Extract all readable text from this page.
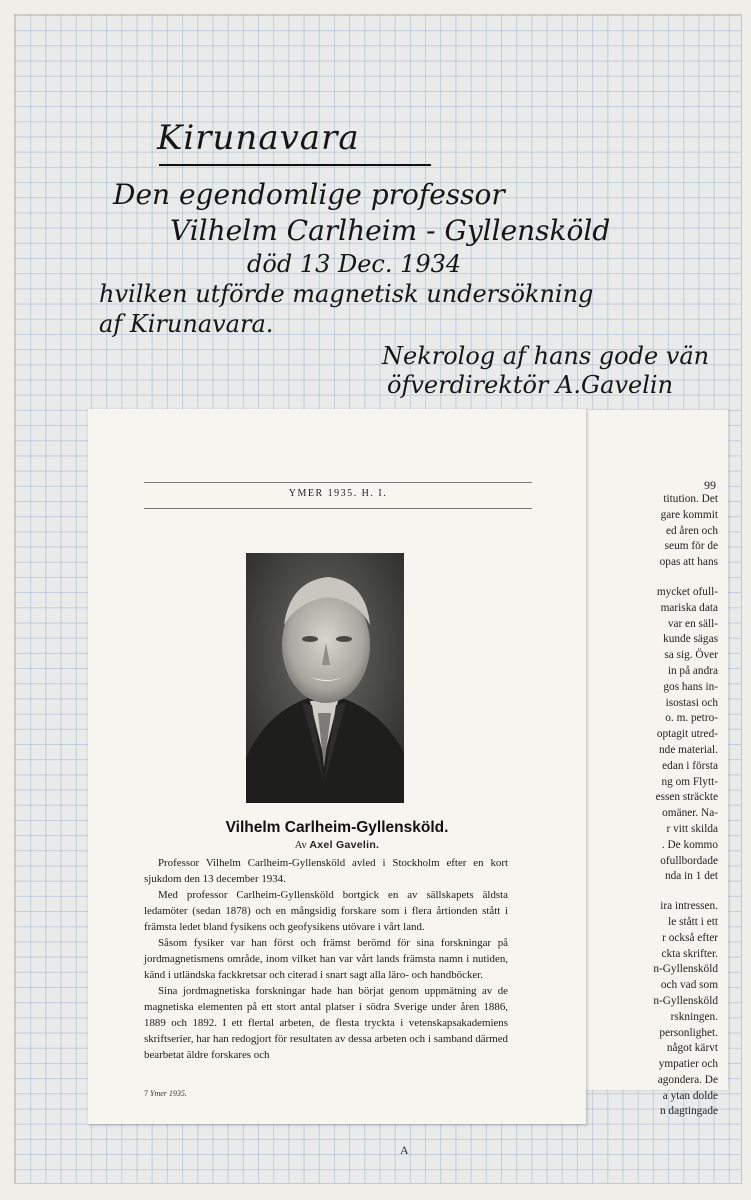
Kirunavara

Den egendomlige professor

Vilhelm Carlheim - Gyllensköld

död 13 Dec. 1934

hvilken utförde magnetisk undersökning

af Kirunavara.

Nekrolog af hans gode vän

öfverdirektör A.Gavelin

99
titution. Det
gare kommit
ed åren och
seum för de
opas att hans
mycket ofull-
mariska data
var en säll-
kunde sägas
sa sig. Över
in på andra
gos hans in-
isostasi och
o. m. petro-
optagit utred-
nde material.
edan i första
ng om Flytt-
essen sträckte
omäner. Na-
r vitt skilda
. De kommo
ofullbordade
nda in 1 det
ira intressen.
le stått i ett
r också efter
ckta skrifter.
n-Gyllensköld
och vad som
n-Gyllensköld
rskningen.
personlighet.
något kärvt
ympatier och
agondera. De
a ytan dolde
n dagtingade
YMER 1935. H. I.
Vilhelm Carlheim-Gyllensköld.
Av Axel Gavelin.

Professor Vilhelm Carlheim-Gyllensköld avled i Stockholm efter en kort sjukdom den 13 december 1934.

Med professor Carlheim-Gyllensköld bortgick en av sällskapets äldsta ledamöter (sedan 1878) och en mångsidig forskare som i flera årtionden stått i främsta ledet bland fysikens och geofysikens utövare i vårt land.

Såsom fysiker var han först och främst berömd för sina forskningar på jordmagnetismens område, inom vilket han var vårt lands främsta namn i nutiden, känd i utländska fackkretsar och citerad i snart sagt alla läro- och handböcker.

Sina jordmagnetiska forskningar hade han börjat genom uppmätning av de magnetiska elementen på ett stort antal platser i södra Sverige under åren 1886, 1889 och 1892. I ett flertal arbeten, de flesta tryckta i vetenskapsakademiens skriftserier, har han redogjort för resultaten av dessa arbeten och i samband därmed bearbetat äldre forskares och

7 Ymer 1935.
A
